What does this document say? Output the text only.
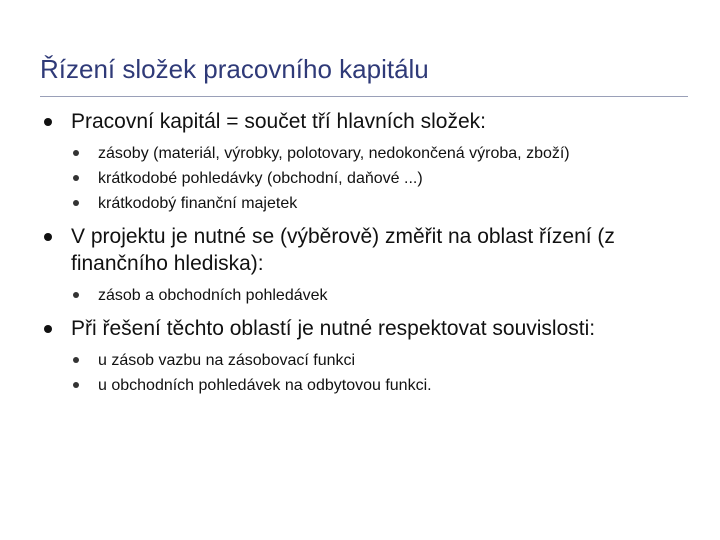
Řízení složek pracovního kapitálu
Pracovní kapitál = součet tří hlavních složek:
zásoby (materiál, výrobky, polotovary, nedokončená výroba, zboží)
krátkodobé pohledávky (obchodní, daňové ...)
krátkodobý finanční majetek
V projektu je nutné se (výběrově) změřit na oblast řízení (z finančního hlediska):
zásob a obchodních pohledávek
Při řešení těchto oblastí je nutné respektovat souvislosti:
u zásob vazbu na zásobovací funkci
u obchodních pohledávek na odbytovou funkci.
